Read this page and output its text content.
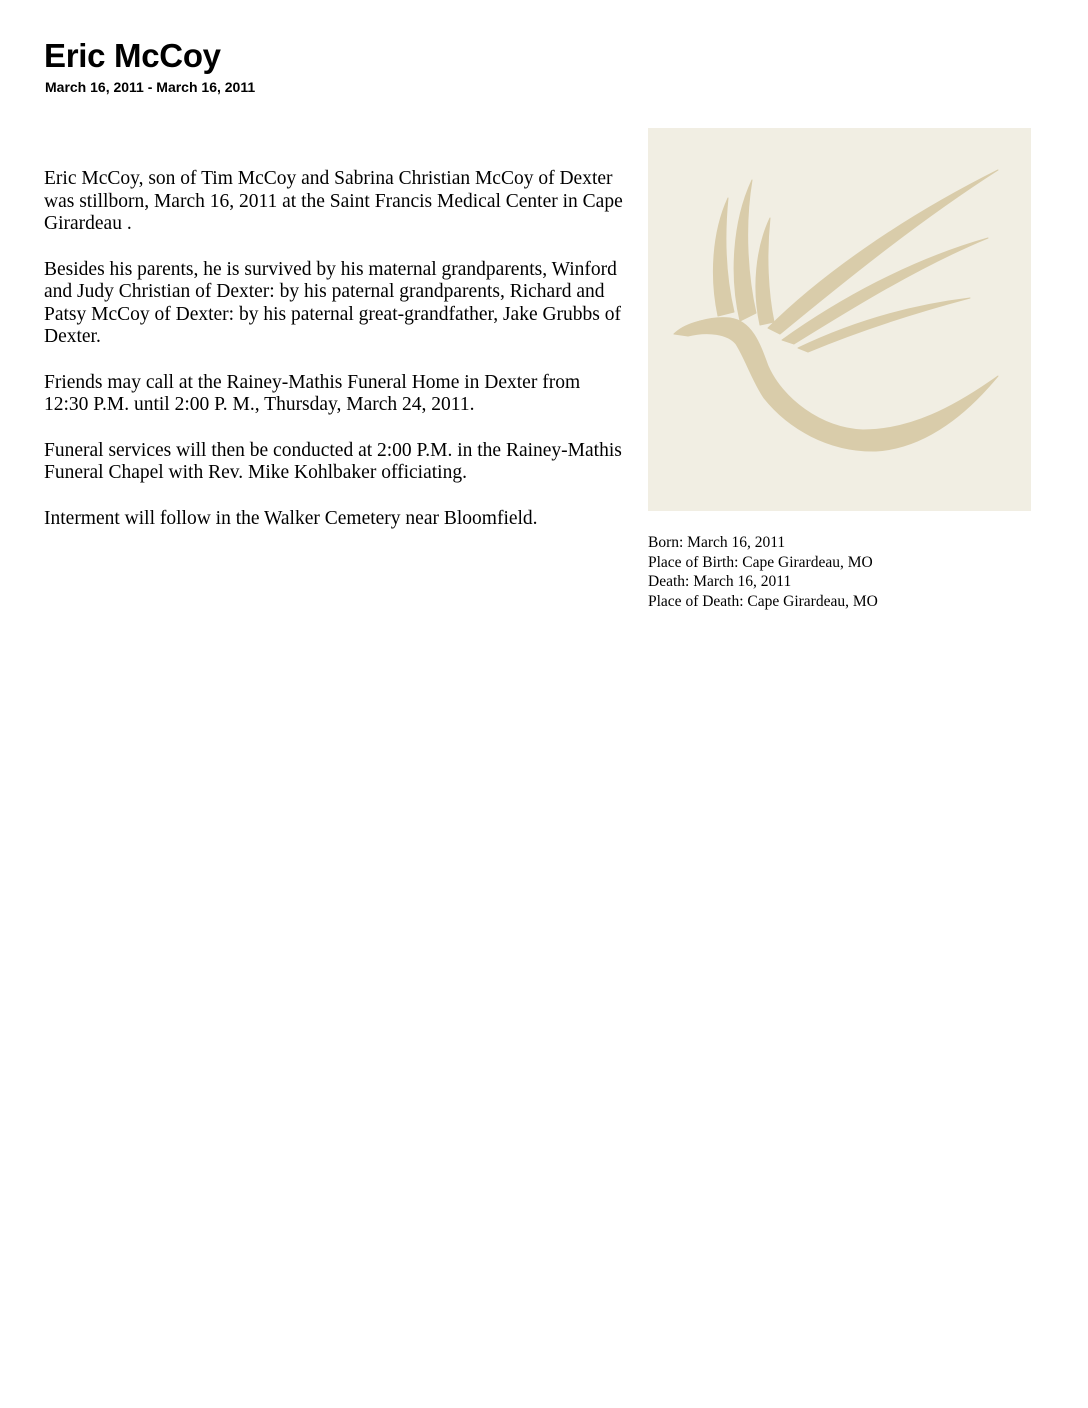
Eric McCoy
March 16, 2011 - March 16, 2011

Eric McCoy, son of Tim McCoy and Sabrina Christian McCoy of Dexter was stillborn, March 16, 2011 at the Saint Francis Medical Center in Cape Girardeau .

Besides his parents, he is survived by his maternal grandparents, Winford and Judy Christian of Dexter: by his paternal grandparents, Richard and Patsy McCoy of Dexter: by his paternal great-grandfather, Jake Grubbs of Dexter.

Friends may call at the Rainey-Mathis Funeral Home in Dexter from 12:30 P.M. until 2:00 P. M., Thursday, March 24, 2011.

Funeral services will then be conducted at 2:00 P.M. in the Rainey-Mathis Funeral Chapel with Rev. Mike Kohlbaker officiating.

Interment will follow in the Walker Cemetery near Bloomfield.

Born: March 16, 2011
Place of Birth: Cape Girardeau, MO
Death: March 16, 2011
Place of Death: Cape Girardeau, MO
